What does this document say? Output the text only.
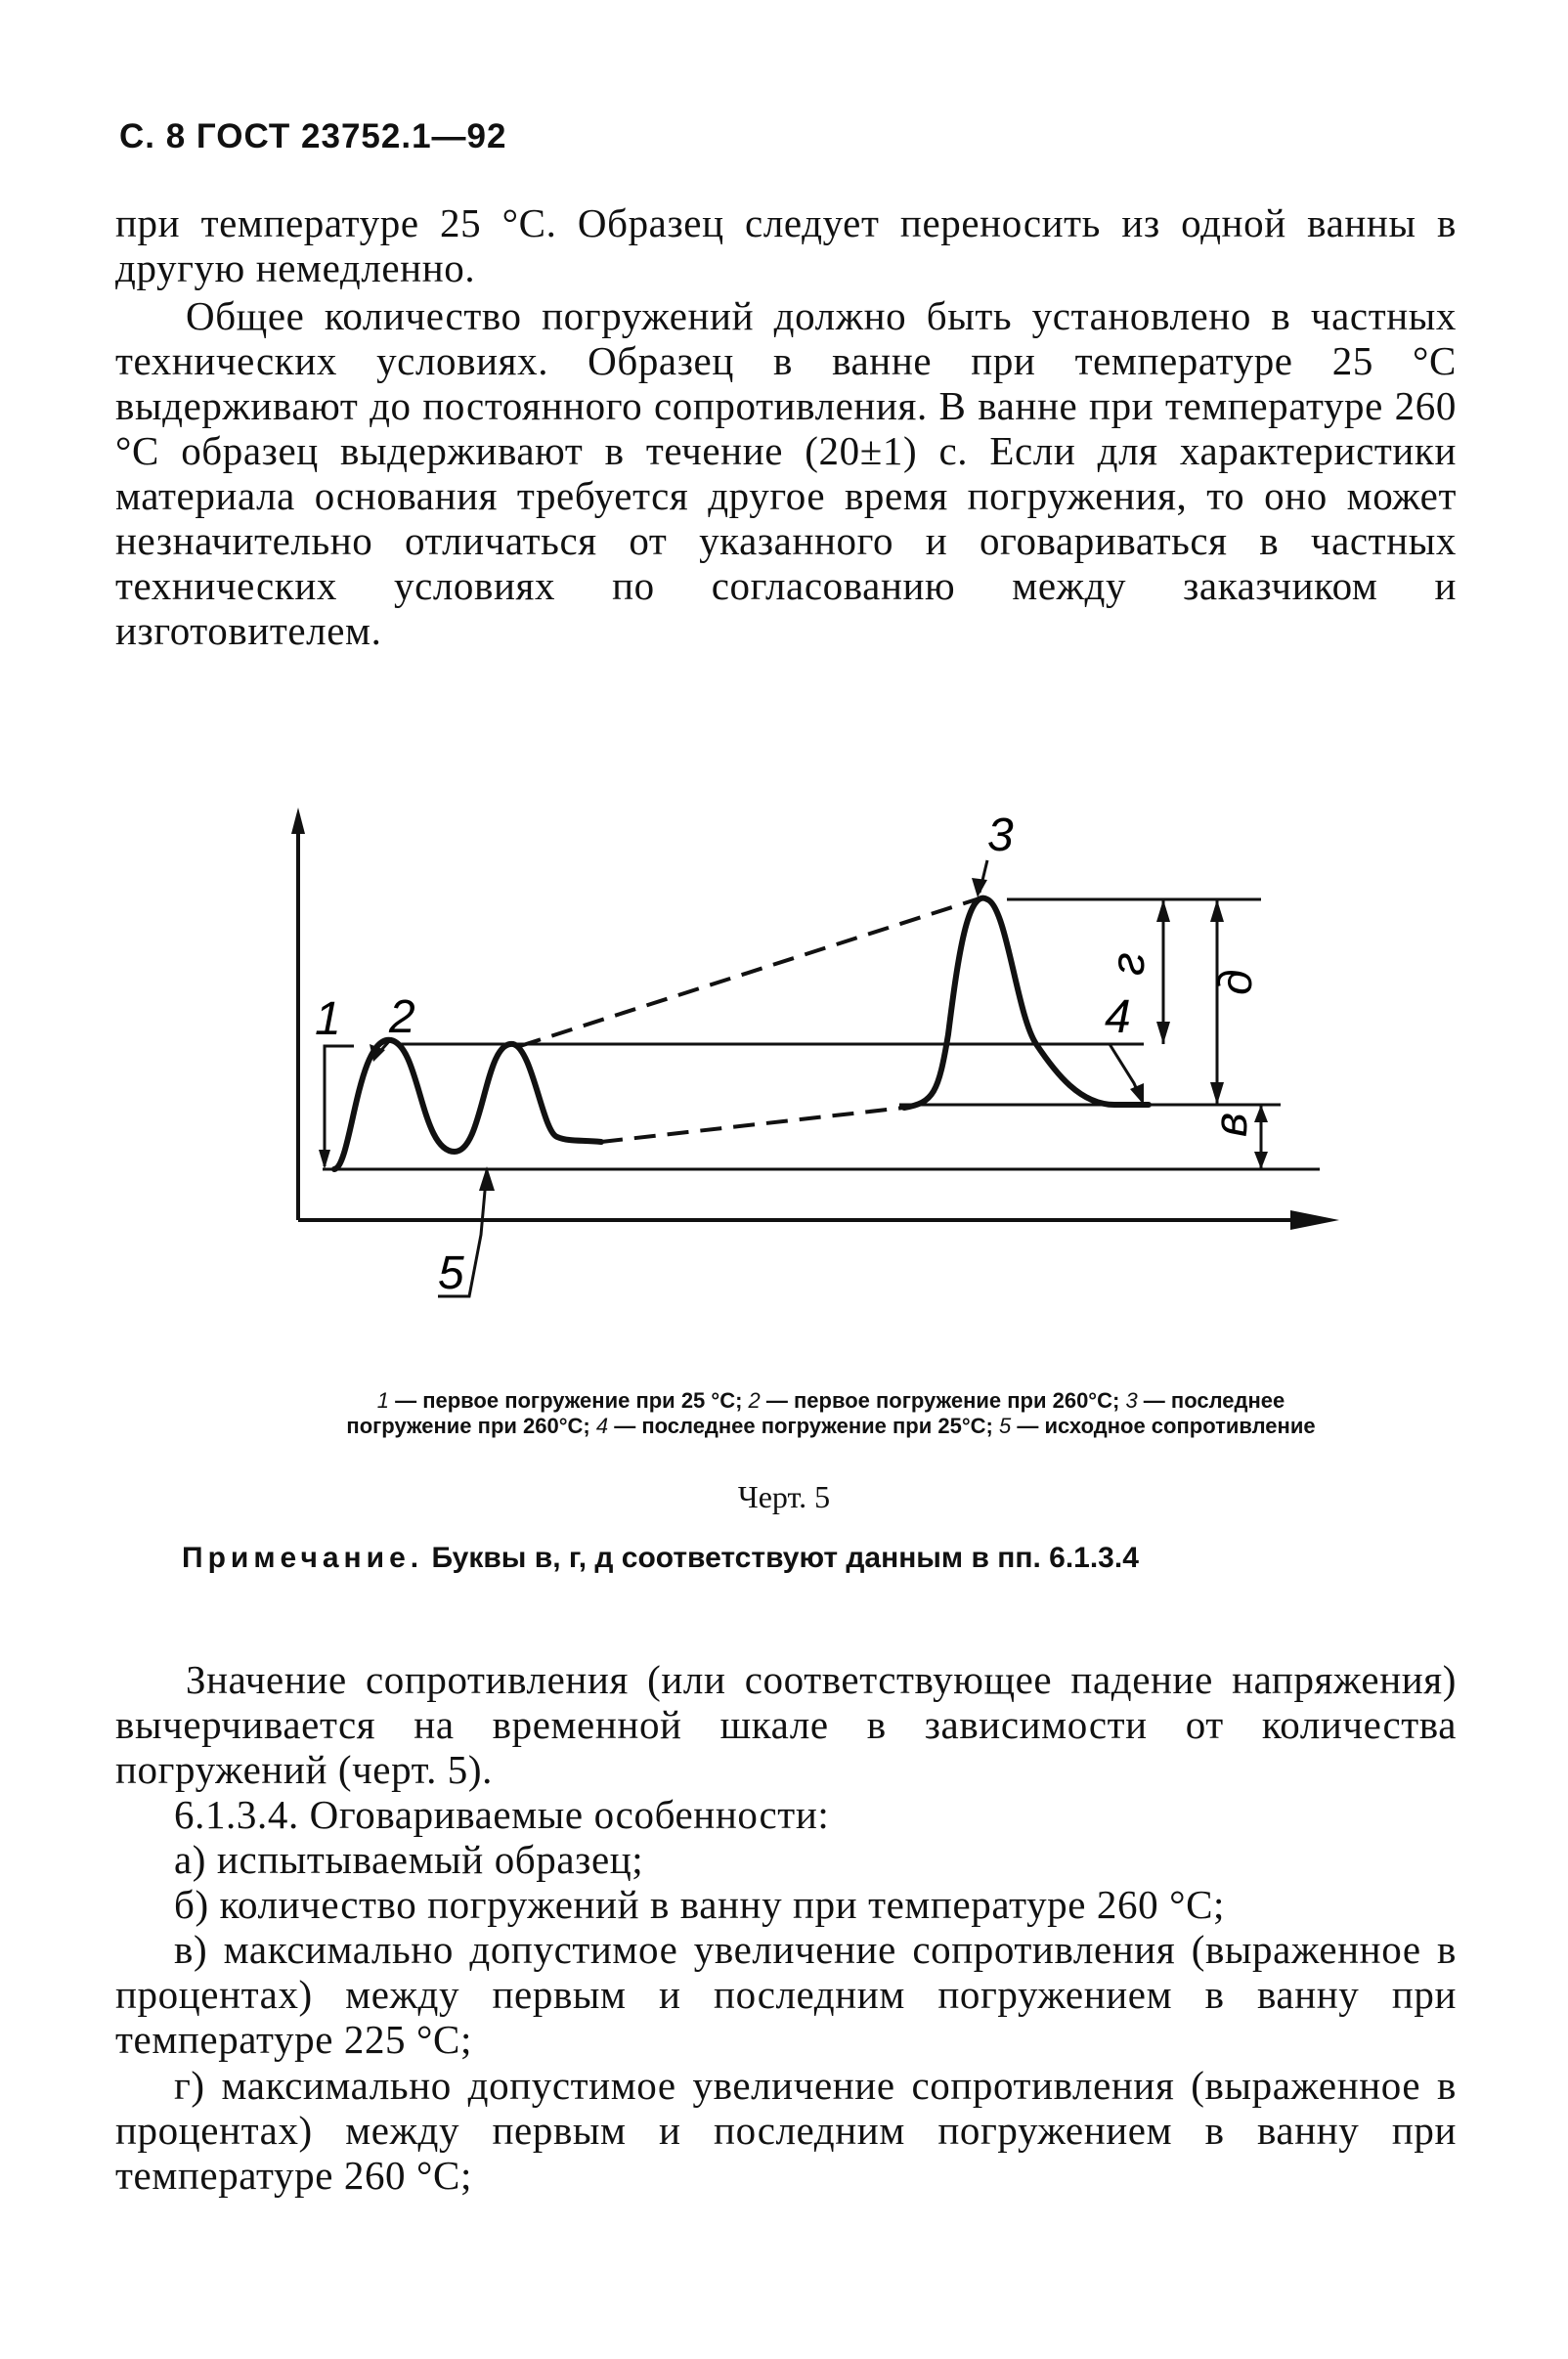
С. 8 ГОСТ 23752.1—92

при температуре 25 °С. Образец следует переносить из одной ванны в другую немедленно.

Общее количество погружений должно быть установлено в частных технических условиях. Образец в ванне при температуре 25 °С выдерживают до постоянного сопротивления. В ванне при температуре 260 °С образец выдерживают в течение (20±1) с. Если для характеристики материала основания требуется другое время погружения, то оно может незначительно отличаться от указанного и оговариваться в частных технических условиях по согласованию между заказчиком и изготовителем.

1 2
3
4
5
г
д
в
1 — первое погружение при 25 °С; 2 — первое погружение при 260°С; 3 — последнее погружение при 260°С; 4 — последнее погружение при 25°С; 5 — исходное сопротивление
Черт. 5
Примечание. Буквы в, г, д соответствуют данным в пп. 6.1.3.4

Значение сопротивления (или соответствующее падение напряжения) вычерчивается на временной шкале в зависимости от количества погружений (черт. 5).

6.1.3.4. Оговариваемые особенности:

а) испытываемый образец;

б) количество погружений в ванну при температуре 260 °С;

в) максимально допустимое увеличение сопротивления (выраженное в процентах) между первым и последним погружением в ванну при температуре 225 °С;

г) максимально допустимое увеличение сопротивления (выраженное в процентах) между первым и последним погружением в ванну при температуре 260 °С;
